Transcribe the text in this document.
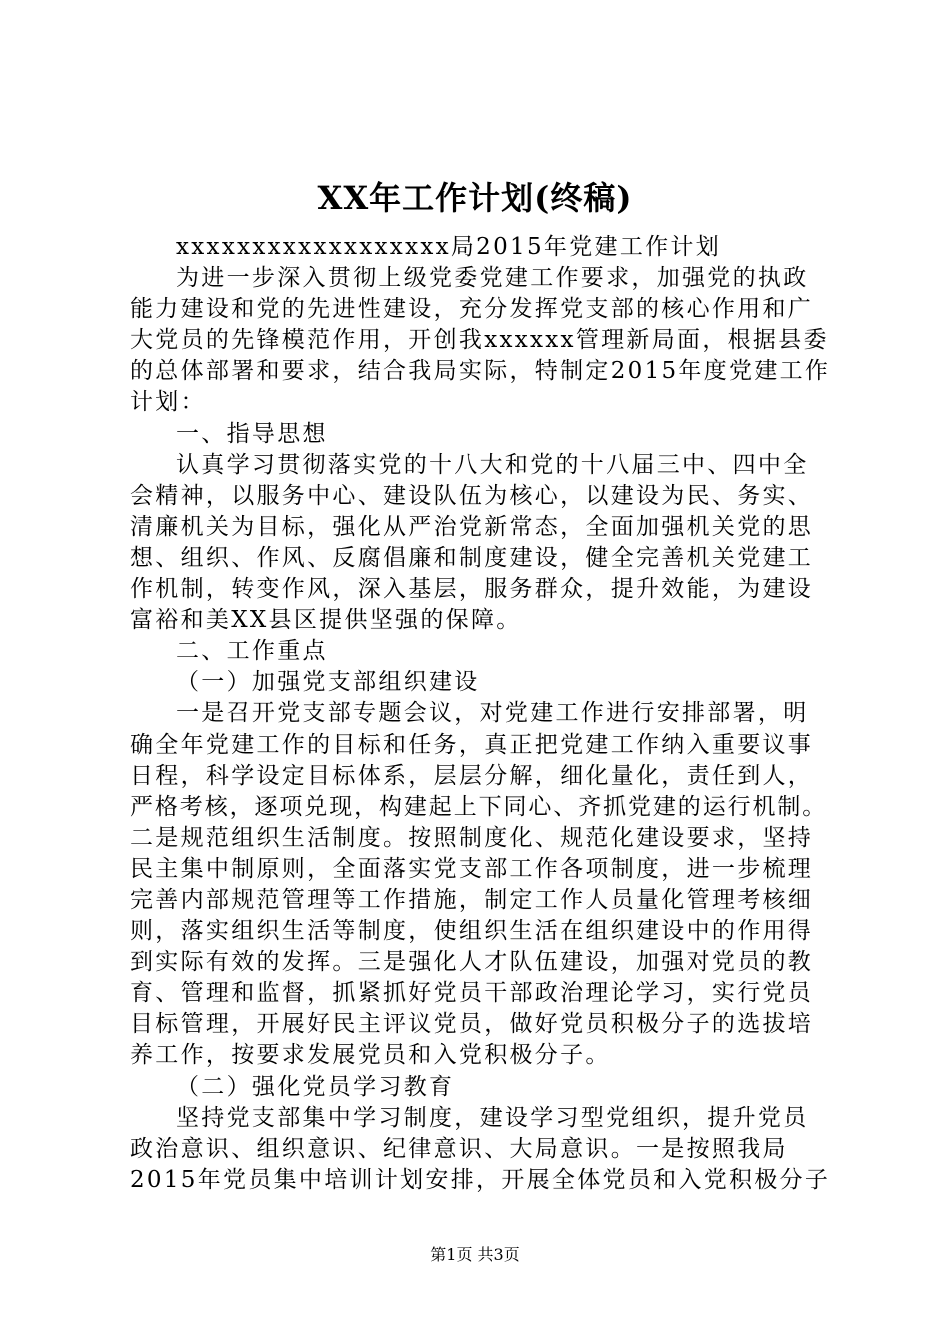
XX年工作计划(终稿)
xxxxxxxxxxxxxxxxxx局2015年党建工作计划
为进一步深入贯彻上级党委党建工作要求，加强党的执政
能力建设和党的先进性建设，充分发挥党支部的核心作用和广
大党员的先锋模范作用，开创我xxxxxx管理新局面，根据县委
的总体部署和要求，结合我局实际，特制定2015年度党建工作
计划：
一、指导思想
认真学习贯彻落实党的十八大和党的十八届三中、四中全
会精神，以服务中心、建设队伍为核心，以建设为民、务实、
清廉机关为目标，强化从严治党新常态，全面加强机关党的思
想、组织、作风、反腐倡廉和制度建设，健全完善机关党建工
作机制，转变作风，深入基层，服务群众，提升效能，为建设
富裕和美XX县区提供坚强的保障。
二、工作重点
（一）加强党支部组织建设
一是召开党支部专题会议，对党建工作进行安排部署，明
确全年党建工作的目标和任务，真正把党建工作纳入重要议事
日程，科学设定目标体系，层层分解，细化量化，责任到人，
严格考核，逐项兑现，构建起上下同心、齐抓党建的运行机制。
二是规范组织生活制度。按照制度化、规范化建设要求，坚持
民主集中制原则，全面落实党支部工作各项制度，进一步梳理
完善内部规范管理等工作措施，制定工作人员量化管理考核细
则，落实组织生活等制度，使组织生活在组织建设中的作用得
到实际有效的发挥。三是强化人才队伍建设，加强对党员的教
育、管理和监督，抓紧抓好党员干部政治理论学习，实行党员
目标管理，开展好民主评议党员，做好党员积极分子的选拔培
养工作，按要求发展党员和入党积极分子。
（二）强化党员学习教育
坚持党支部集中学习制度，建设学习型党组织，提升党员
政治意识、组织意识、纪律意识、大局意识。一是按照我局
2015年党员集中培训计划安排，开展全体党员和入党积极分子
第1页 共3页
